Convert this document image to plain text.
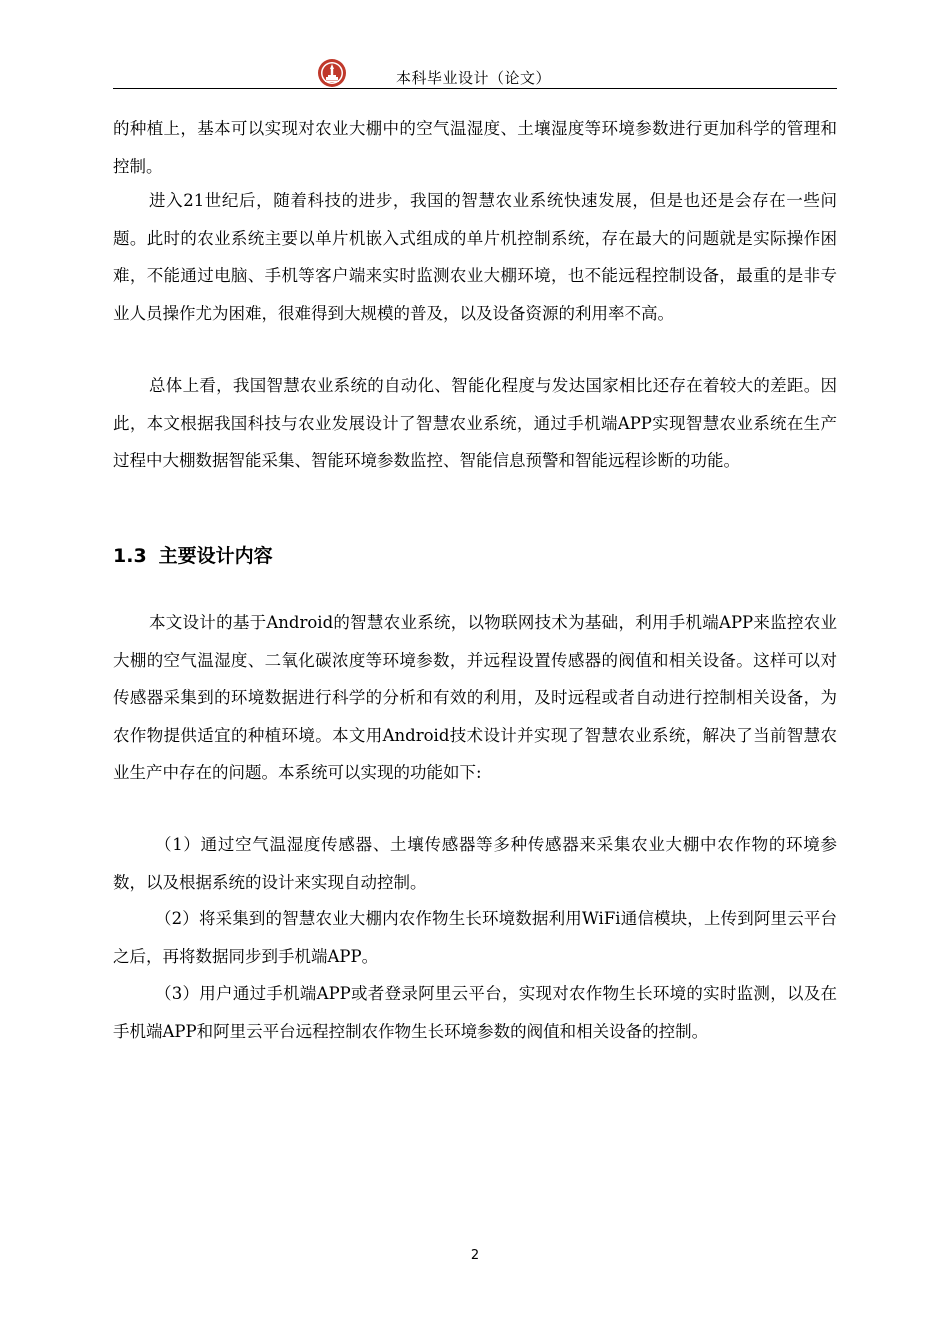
本科毕业设计（论文）

的种植上，基本可以实现对农业大棚中的空气温湿度、土壤湿度等环境参数进行更加科学的管理和控制。

进入21世纪后，随着科技的进步，我国的智慧农业系统快速发展，但是也还是会存在一些问题。此时的农业系统主要以单片机嵌入式组成的单片机控制系统，存在最大的问题就是实际操作困难，不能通过电脑、手机等客户端来实时监测农业大棚环境，也不能远程控制设备，最重的是非专业人员操作尤为困难，很难得到大规模的普及，以及设备资源的利用率不高。

总体上看，我国智慧农业系统的自动化、智能化程度与发达国家相比还存在着较大的差距。因此，本文根据我国科技与农业发展设计了智慧农业系统，通过手机端APP实现智慧农业系统在生产过程中大棚数据智能采集、智能环境参数监控、智能信息预警和智能远程诊断的功能。

1.3 主要设计内容

本文设计的基于Android的智慧农业系统，以物联网技术为基础，利用手机端APP来监控农业大棚的空气温湿度、二氧化碳浓度等环境参数，并远程设置传感器的阀值和相关设备。这样可以对传感器采集到的环境数据进行科学的分析和有效的利用，及时远程或者自动进行控制相关设备，为农作物提供适宜的种植环境。本文用Android技术设计并实现了智慧农业系统，解决了当前智慧农业生产中存在的问题。本系统可以实现的功能如下:

（1）通过空气温湿度传感器、土壤传感器等多种传感器来采集农业大棚中农作物的环境参数，以及根据系统的设计来实现自动控制。

（2）将采集到的智慧农业大棚内农作物生长环境数据利用WiFi通信模块，上传到阿里云平台之后，再将数据同步到手机端APP。

（3）用户通过手机端APP或者登录阿里云平台，实现对农作物生长环境的实时监测，以及在手机端APP和阿里云平台远程控制农作物生长环境参数的阀值和相关设备的控制。

2
